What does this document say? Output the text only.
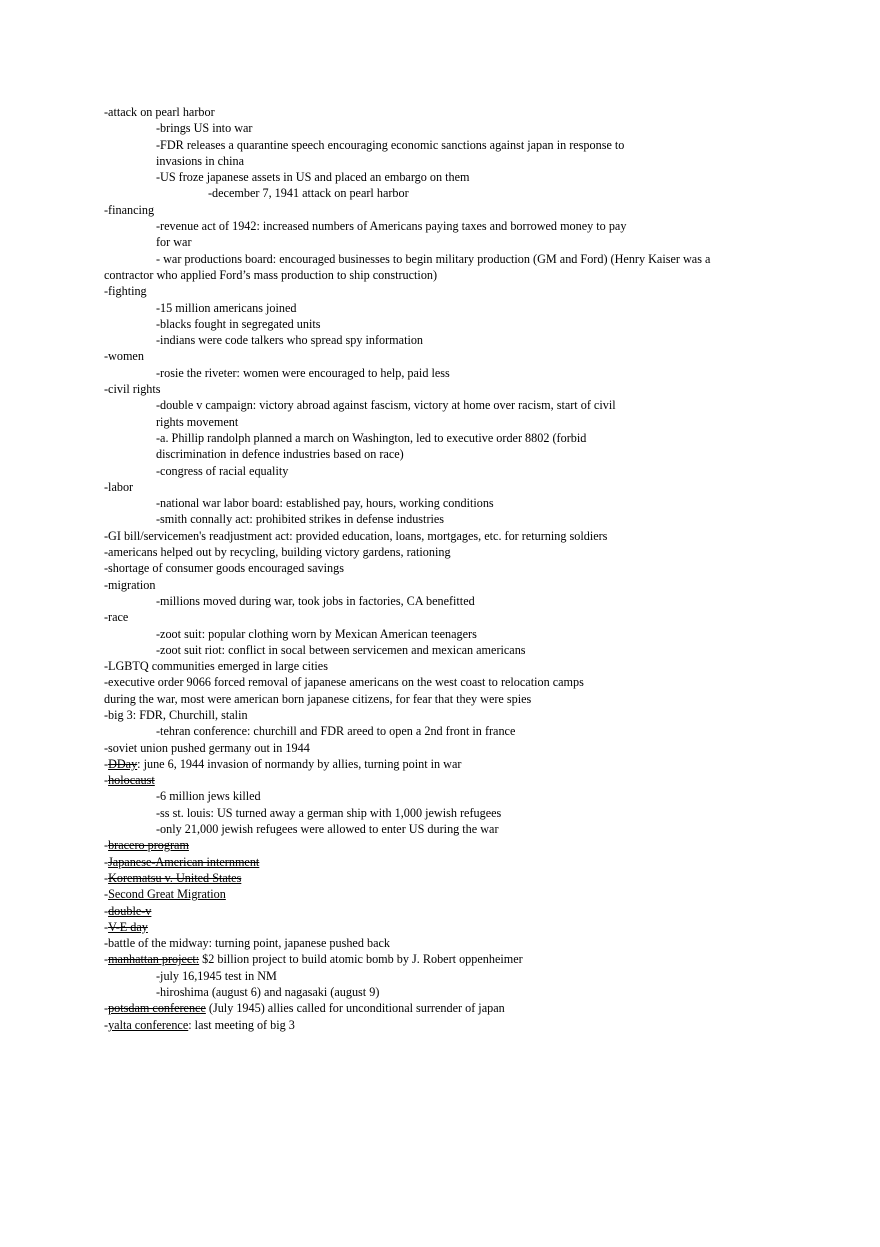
-attack on pearl harbor
-brings US into war
-FDR releases a quarantine speech encouraging economic sanctions against japan in response to
invasions in china
-US froze japanese assets in US and placed an embargo on them
-december 7, 1941 attack on pearl harbor
-financing
-revenue act of 1942: increased numbers of Americans paying taxes and borrowed money to pay
for war
- war productions board: encouraged businesses to begin military production (GM and Ford) (Henry Kaiser was a
contractor who applied Ford’s mass production to ship construction)
-fighting
-15 million americans joined
-blacks fought in segregated units
-indians were code talkers who spread spy information
-women
-rosie the riveter: women were encouraged to help, paid less
-civil rights
-double v campaign: victory abroad against fascism, victory at home over racism, start of civil
rights movement
-a. Phillip randolph planned a march on Washington, led to executive order 8802 (forbid
discrimination in defence industries based on race)
-congress of racial equality
-labor
-national war labor board: established pay, hours, working conditions
-smith connally act: prohibited strikes in defense industries
-GI bill/servicemen's readjustment act: provided education, loans, mortgages, etc. for returning soldiers
-americans helped out by recycling, building victory gardens, rationing
-shortage of consumer goods encouraged savings
-migration
-millions moved during war, took jobs in factories, CA benefitted
-race
-zoot suit: popular clothing worn by Mexican American teenagers
-zoot suit riot: conflict in socal between servicemen and mexican americans
-LGBTQ communities emerged in large cities
-executive order 9066 forced removal of japanese americans on the west coast to relocation camps
during the war, most were american born japanese citizens, for fear that they were spies
-big 3: FDR, Churchill, stalin
-tehran conference: churchill and FDR areed to open a 2nd front in france
-soviet union pushed germany out in 1944
-DDay: june 6, 1944 invasion of normandy by allies, turning point in war
-holocaust
-6 million jews killed
-ss st. louis: US turned away a german ship with 1,000 jewish refugees
-only 21,000 jewish refugees were allowed to enter US during the war
-bracero program
-Japanese-American internment
-Korematsu v. United States
-Second Great Migration
-double-v
-V-E day
-battle of the midway: turning point, japanese pushed back
-manhattan project: $2 billion project to build atomic bomb by J. Robert oppenheimer
-july 16,1945 test in NM
-hiroshima (august 6) and nagasaki (august 9)
-potsdam conference (July 1945) allies called for unconditional surrender of japan
-yalta conference: last meeting of big 3
